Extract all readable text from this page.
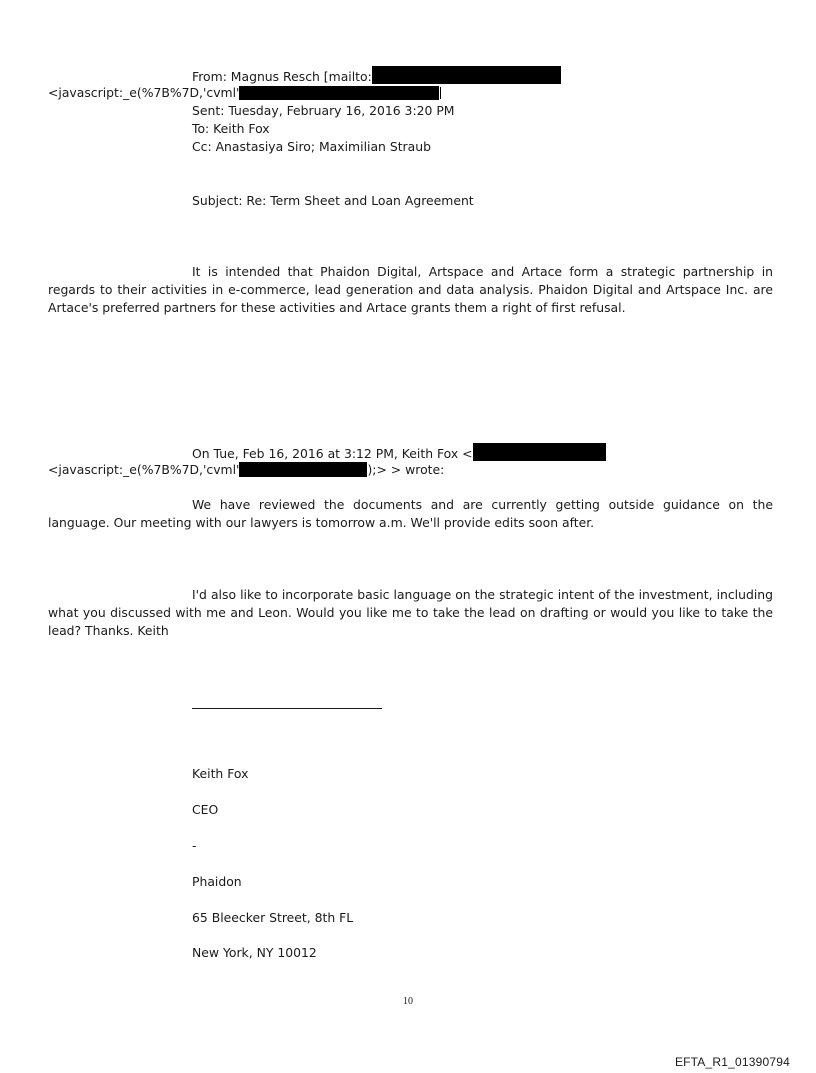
From: Magnus Resch [mailto:
<javascript:_e(%7B%7D,'cvml'
Sent: Tuesday, February 16, 2016 3:20 PM
To: Keith Fox
Cc: Anastasiya Siro; Maximilian Straub
Subject: Re: Term Sheet and Loan Agreement
It is intended that Phaidon Digital, Artspace and Artace form a strategic partnership in regards to their activities in e-commerce, lead generation and data analysis. Phaidon Digital and Artspace Inc. are Artace's preferred partners for these activities and Artace grants them a right of first refusal.
On Tue, Feb 16, 2016 at 3:12 PM, Keith Fox <
<javascript:_e(%7B%7D,'cvml'	);> > wrote:
We have reviewed the documents and are currently getting outside guidance on the language. Our meeting with our lawyers is tomorrow a.m. We'll provide edits soon after.
I'd also like to incorporate basic language on the strategic intent of the investment, including what you discussed with me and Leon. Would you like me to take the lead on drafting or would you like to take the lead? Thanks. Keith
Keith Fox
CEO
-
Phaidon
65 Bleecker Street, 8th FL
New York, NY 10012
10
EFTA_R1_01390794
